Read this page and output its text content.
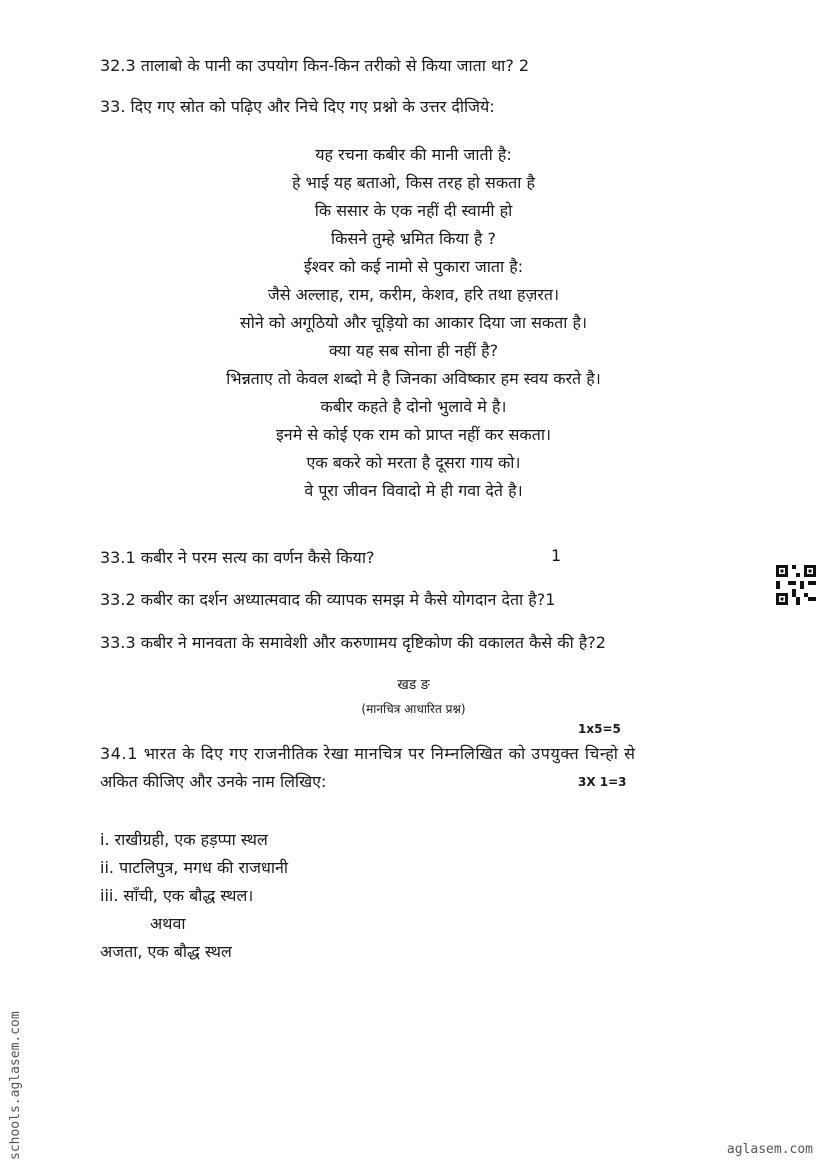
32.3 तालाबो के पानी का उपयोग किन-किन तरीको से किया जाता था? 2
33. दिए गए स्रोत को पढ़िए और निचे दिए गए प्रश्नो के उत्तर दीजिये:
यह रचना कबीर की मानी जाती है:
हे भाई यह बताओ, किस तरह हो सकता है
कि ससार के एक नहीं दी स्वामी हो
किसने तुम्हे भ्रमित किया है ?
ईश्वर को कई नामो से पुकारा जाता है:
जैसे अल्लाह, राम, करीम, केशव, हरि तथा हज़रत।
सोने को अगूठियो और चूड़ियो का आकार दिया जा सकता है।
क्या यह सब सोना ही नहीं है?
भिन्नताए तो केवल शब्दो मे है जिनका अविष्कार हम स्वय करते है।
कबीर कहते है दोनो भुलावे मे है।
इनमे से कोई एक राम को प्राप्त नहीं कर सकता।
एक बकरे को मरता है दूसरा गाय को।
वे पूरा जीवन विवादो मे ही गवा देते है।
33.1 कबीर ने परम सत्य का वर्णन कैसे किया?	1
33.2 कबीर का दर्शन अध्यात्मवाद की व्यापक समझ मे कैसे योगदान देता है?1
33.3 कबीर ने मानवता के समावेशी और करुणामय दृष्टिकोण की वकालत कैसे की है?2
खड ङ
(मानचित्र आधारित प्रश्न)
1x5=5
34.1 भारत के दिए गए राजनीतिक रेखा मानचित्र पर निम्नलिखित को उपयुक्त चिन्हो से
अकित कीजिए और उनके नाम लिखिए:	3X 1=3
i. राखीग्रही, एक हड़प्पा स्थल
ii. पाटलिपुत्र, मगध की राजधानी
iii. साँची, एक बौद्ध स्थल।
अथवा
अजता, एक बौद्ध स्थल
schools.aglasem.com	aglasem.com
